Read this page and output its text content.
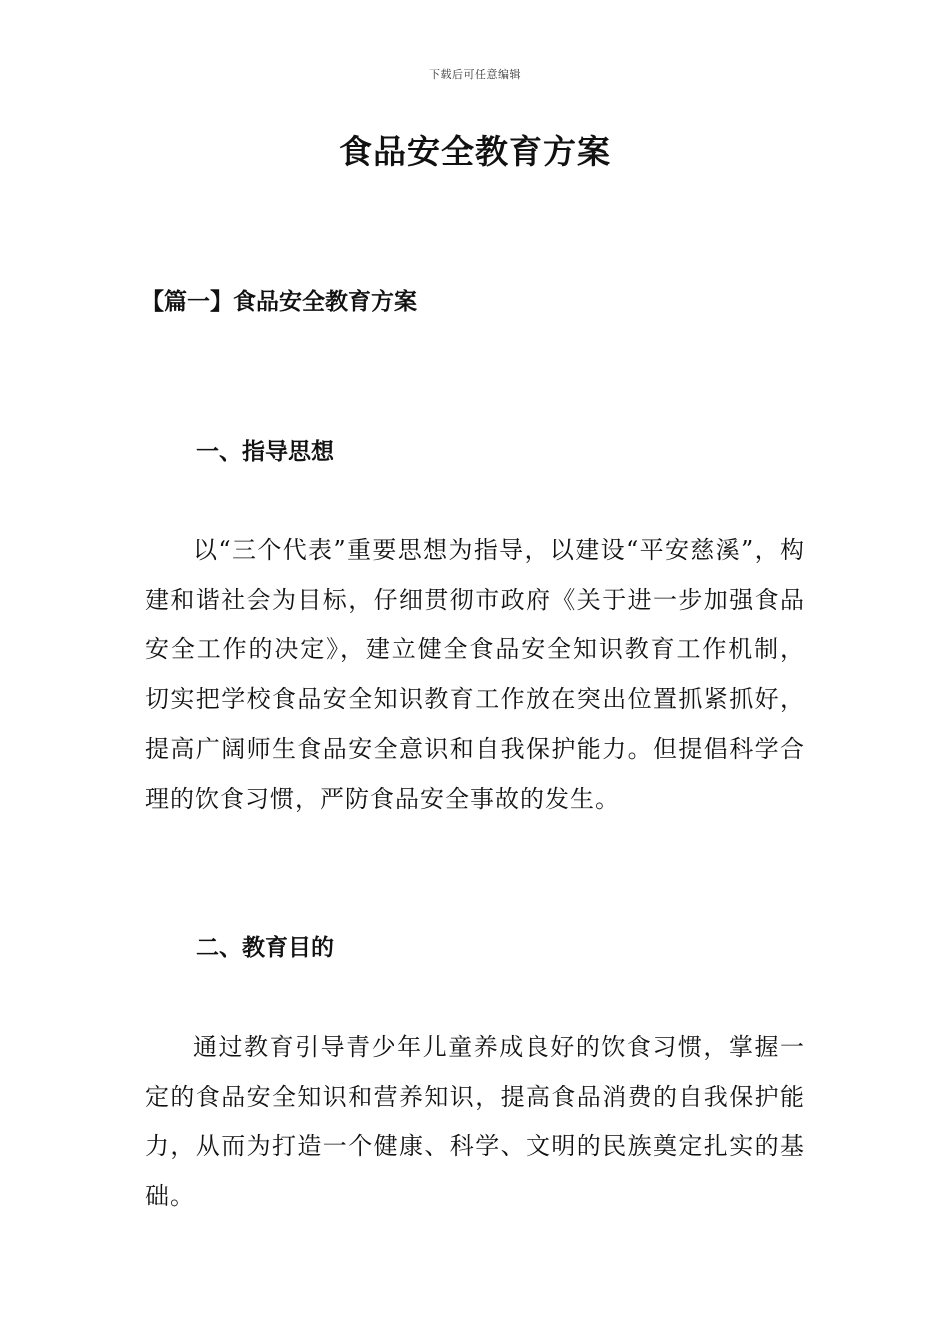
下载后可任意编辑
食品安全教育方案
【篇一】食品安全教育方案
一、指导思想

以“三个代表”重要思想为指导，以建设“平安慈溪”，构建和谐社会为目标，仔细贯彻市政府《关于进一步加强食品安全工作的决定》，建立健全食品安全知识教育工作机制，切实把学校食品安全知识教育工作放在突出位置抓紧抓好，提高广阔师生食品安全意识和自我保护能力。但提倡科学合理的饮食习惯，严防食品安全事故的发生。

二、教育目的

通过教育引导青少年儿童养成良好的饮食习惯，掌握一定的食品安全知识和营养知识，提高食品消费的自我保护能力，从而为打造一个健康、科学、文明的民族奠定扎实的基础。
